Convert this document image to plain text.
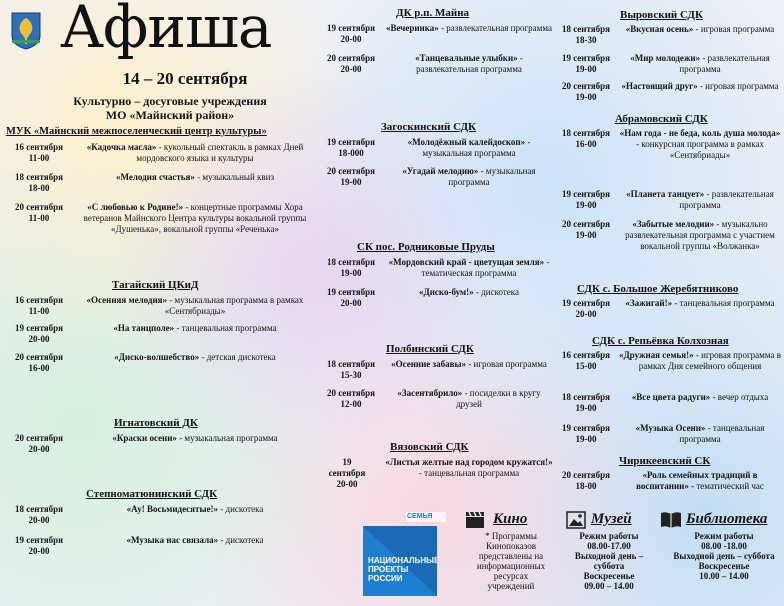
Афиша
14 – 20 сентября
Культурно – досуговые учреждения
МО «Майнский район»
МУК «Майнский межпоселенческий центр культуры»
16 сентября
11-00
«Кадочка масла» - кукольный спектакль в рамках Дней мордовского языка и культуры
18 сентября
18-00
«Мелодия счастья» - музыкальный квиз
20 сентября
11-00
«С любовью к Родине!» - концертные программы Хора ветеранов Майнского Центра культуры вокальной группы «Душенька», вокальной группы «Реченька»
Тагайский ЦКиД
16 сентября
11-00
«Осенняя мелодия» - музыкальная программа в рамках «Сентябриады»
19 сентября
20-00
«На танцполе» - танцевальная программа
20 сентября
16-00
«Диско-волшебство» - детская дискотека
Игнатовский ДК
20 сентября
20-00
«Краски осени» - музыкальная программа
Степноматюнинский СДК
18 сентября
20-00
«Ау! Восьмидесятые!» - дискотека
19 сентября
20-00
«Музыка нас связала» - дискотека
ДК р.п. Майна
19 сентября
20-00
«Вечеринка» - развлекательная программа
20 сентября
20-00
«Танцевальные улыбки» - развлекательная программа
Загоскинский СДК
19 сентября
18-000
«Молодёжный калейдоскоп» - музыкальная программа
20 сентября
19-00
«Угадай мелодию» - музыкальная программа
СК пос. Родниковые Пруды
18 сентября
19-00
«Мордовский край - цветущая земля» - тематическая программа
19 сентября
20-00
«Диско-бум!» - дискотека
Полбинский СДК
18 сентября
15-30
«Осенние забавы» - игровая программа
20 сентября
12-00
«Засентябрило» - посиделки в кругу друзей
Вязовский СДК
19 сентября
20-00
«Листья желтые над городом кружатся!» - танцевальная программа
Выровский СДК
18 сентября
18-30
«Вкусная осень» - игровая программа
19 сентября
19-00
«Мир молодежи» - развлекательная программа
20 сентября
19-00
«Настоящий друг» - игровая программа
Абрамовский СДК
18 сентября
16-00
«Нам года - не беда, коль душа молода» - конкурсная программа в рамках «Сентябриады»
19 сентября
19-00
«Планета танцует» - развлекательная программа
20 сентября
19-00
«Забытые мелодии» - музыкально развлекательная программа с участием вокальной группы «Волжанка»
СДК с. Большое Жеребятниково
19 сентября
20-00
«Зажигай!» - танцевальная программа
СДК с. Репьёвка Колхозная
16 сентября
15-00
«Дружная семья!» - игровая программа в рамках Дня семейного общения
18 сентября
19-00
«Все цвета радуги» - вечер отдыха
19 сентября
19-00
«Музыка Осени» - танцевальная программа
Чирикеевский СК
20 сентября
18-00
«Роль семейных традиций в воспитании» - тематический час
СЕМЬЯ
НАЦИОНАЛЬНЫЕ ПРОЕКТЫ РОССИИ
Кино
* Программы Кинопоказов представлены на информационных ресурсах учреждений
Музей
Режим работы
08.00-17.00
Выходной день – суббота
Воскресенье
09.00 – 14.00
Библиотека
Режим работы
08.00 -18.00
Выходной день – суббота
Воскресенье
10.00 – 14.00
